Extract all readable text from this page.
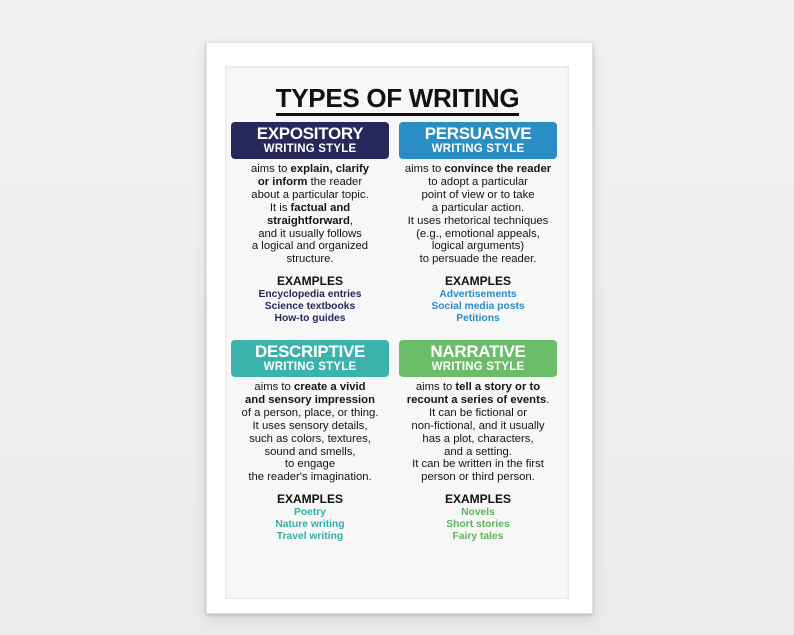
TYPES OF WRITING
EXPOSITORY
WRITING STYLE
aims to explain, clarify
or inform the reader
about a particular topic.
It is factual and
straightforward,
and it usually follows
a logical and organized
structure.
EXAMPLES
Encyclopedia entries
Science textbooks
How-to guides
PERSUASIVE
WRITING STYLE
aims to convince the reader
to adopt a particular
point of view or to take
a particular action.
It uses rhetorical techniques
(e.g., emotional appeals,
logical arguments)
to persuade the reader.
EXAMPLES
Advertisements
Social media posts
Petitions
DESCRIPTIVE
WRITING STYLE
aims to create a vivid
and sensory impression
of a person, place, or thing.
It uses sensory details,
such as colors, textures,
sound and smells,
to engage
the reader's imagination.
EXAMPLES
Poetry
Nature writing
Travel writing
NARRATIVE
WRITING STYLE
aims to tell a story or to
recount a series of events.
It can be fictional or
non-fictional, and it usually
has a plot, characters,
and a setting.
It can be written in the first
person or third person.
EXAMPLES
Novels
Short stories
Fairy tales
